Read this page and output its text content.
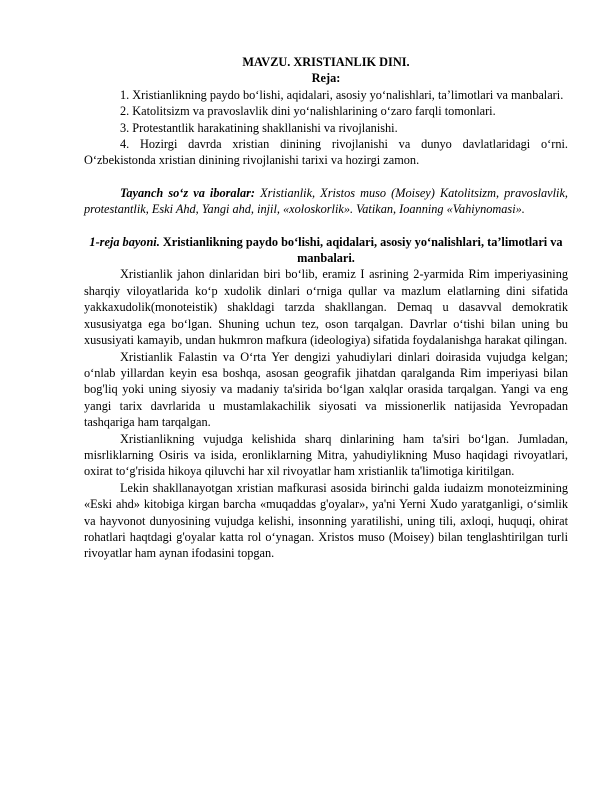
MAVZU. XRISTIANLIK DINI.

Reja:

1. Xristianlikning paydo bo‘lishi, aqidalari, asosiy yo‘nalishlari, ta’limotlari va manbalari.

2. Katolitsizm va pravoslavlik dini yo‘nalishlarining o‘zaro farqli tomonlari.

3. Protestantlik harakatining shakllanishi va rivojlanishi.

4. Hozirgi davrda xristian dinining rivojlanishi va dunyo davlatlaridagi o‘rni. O‘zbekistonda xristian dinining rivojlanishi tarixi va hozirgi zamon.

Tayanch so‘z va iboralar: Xristianlik, Xristos muso (Moisey) Katolitsizm, pravoslavlik, protestantlik, Eski Ahd, Yangi ahd, injil, «xoloskorlik». Vatikan, Ioanning «Vahiynomasi».

1-reja bayoni. Xristianlikning paydo bo‘lishi, aqidalari, asosiy yo‘nalishlari, ta’limotlari va manbalari.

Xristianlik jahon dinlaridan biri bo‘lib, eramiz I asrining 2-yarmida Rim imperiyasining sharqiy viloyatlarida ko‘p xudolik dinlari o‘rniga qullar va mazlum elatlarning dini sifatida yakkaxudolik(monoteistik) shakldagi tarzda shakllangan. Demaq u dasavval demokratik xususiyatga ega bo‘lgan. Shuning uchun tez, oson tarqalgan. Davrlar o‘tishi bilan uning bu xususiyati kamayib, undan hukmron mafkura (ideologiya) sifatida foydalanishga harakat qilingan.

Xristianlik Falastin va O‘rta Yer dengizi yahudiylari dinlari doirasida vujudga kelgan; o‘nlab yillardan keyin esa boshqa, asosan geografik jihatdan qaralganda Rim imperiyasi bilan bog'liq yoki uning siyosiy va madaniy ta'sirida bo‘lgan xalqlar orasida tarqalgan. Yangi va eng yangi tarix davrlarida u mustamlakachilik siyosati va missionerlik natijasida Yevropadan tashqariga ham tarqalgan.

Xristianlikning vujudga kelishida sharq dinlarining ham ta'siri bo‘lgan. Jumladan, misrliklarning Osiris va isida, eronliklarning Mitra, yahudiylikning Muso haqidagi rivoyatlari, oxirat to‘g'risida hikoya qiluvchi har xil rivoyatlar ham xristianlik ta'limotiga kiritilgan.

Lekin shakllanayotgan xristian mafkurasi asosida birinchi galda iudaizm monoteizmining «Eski ahd» kitobiga kirgan barcha «muqaddas g'oyalar», ya'ni Yerni Xudo yaratganligi, o‘simlik va hayvonot dunyosining vujudga kelishi, insonning yaratilishi, uning tili, axloqi, huquqi, ohirat rohatlari haqtdagi g'oyalar katta rol o‘ynagan. Xristos muso (Moisey) bilan tenglashtirilgan turli rivoyatlar ham aynan ifodasini topgan.
